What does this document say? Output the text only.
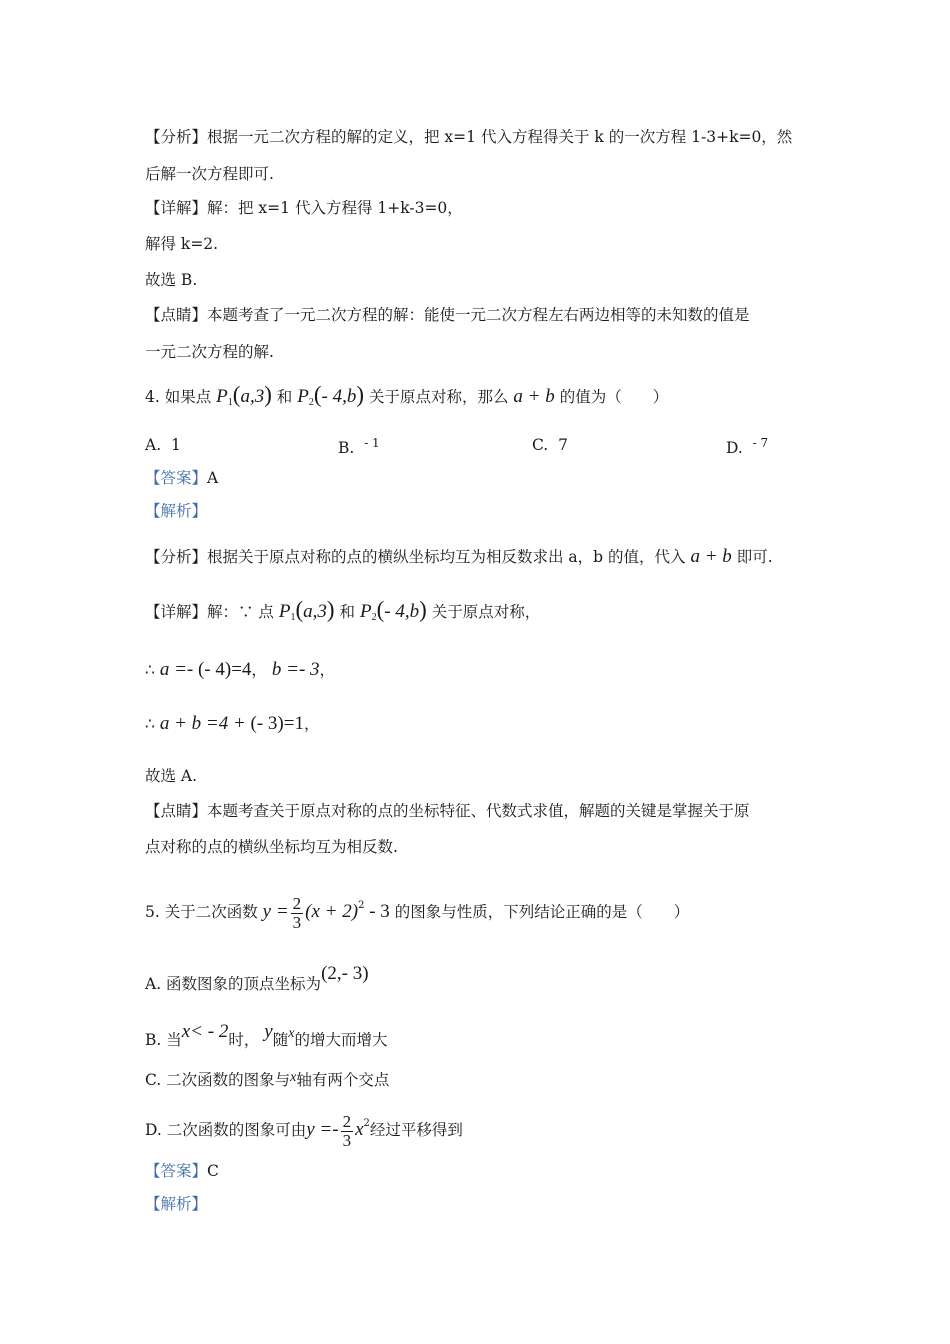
【分析】根据一元二次方程的解的定义，把 x=1 代入方程得关于 k 的一次方程 1-3+k=0，然
后解一次方程即可.
【详解】解：把 x=1 代入方程得 1+k-3=0，
解得 k=2.
故选 B.
【点睛】本题考查了一元二次方程的解：能使一元二次方程左右两边相等的未知数的值是
一元二次方程的解.
4. 如果点 $P_1(a,3)$ 和 $P_2(-$ 4,b) 关于原点对称，那么 a + b 的值为（　　）
A. 1	B. $^{- 1}$	C. 7	D. $^{- 7}$
【答案】A
【解析】
【分析】根据关于原点对称的点的横纵坐标均互为相反数求出 a，b 的值，代入 a + b 即可.
【详解】解：∵ 点 $P_1(a,3)$ 和 $P_2(-$ 4,b) 关于原点对称，
∴ a =- (- 4)=4， b =- 3，
∴ a + b =4 + (- 3)=1，
故选 A.
【点睛】本题考查关于原点对称的点的坐标特征、代数式求值，解题的关键是掌握关于原
点对称的点的横纵坐标均互为相反数.
5. 关于二次函数 $y = \frac{2}{3} (x + 2)^2 - 3$ 的图象与性质，下列结论正确的是（　　）
A. 函数图象的顶点坐标为(2,- 3)
B. 当x< - 2时， y随x的增大而增大
C. 二次函数的图象与x轴有两个交点
D. 二次函数的图象可由$y =- \frac{2}{3} x^2$经过平移得到
【答案】C
【解析】
